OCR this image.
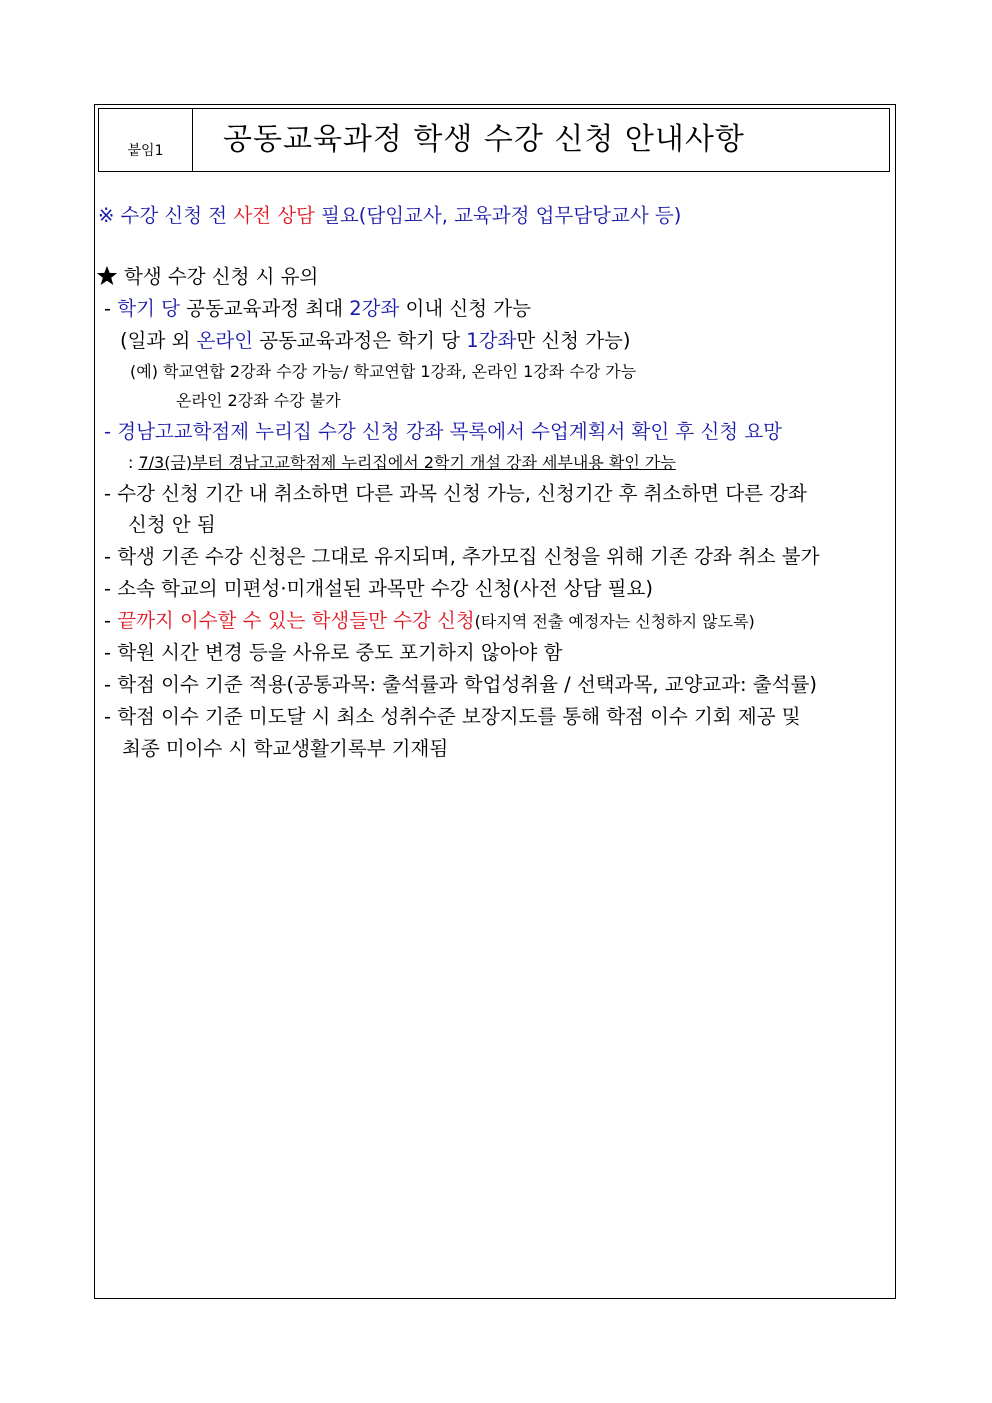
붙임1	공동교육과정 학생 수강 신청 안내사항
※ 수강 신청 전 사전 상담 필요(담임교사, 교육과정 업무담당교사 등)
학생 수강 신청 시 유의
- 학기 당 공동교육과정 최대 2강좌 이내 신청 가능
(일과 외 온라인 공동교육과정은 학기 당 1강좌만 신청 가능)
(예) 학교연합 2강좌 수강 가능/ 학교연합 1강좌, 온라인 1강좌 수강 가능
온라인 2강좌 수강 불가
- 경남고교학점제 누리집 수강 신청 강좌 목록에서 수업계획서 확인 후 신청 요망
: 7/3(금)부터 경남고교학점제 누리집에서 2학기 개설 강좌 세부내용 확인 가능
- 수강 신청 기간 내 취소하면 다른 과목 신청 가능, 신청기간 후 취소하면 다른 강좌
신청 안 됨
- 학생 기존 수강 신청은 그대로 유지되며, 추가모집 신청을 위해 기존 강좌 취소 불가
- 소속 학교의 미편성·미개설된 과목만 수강 신청(사전 상담 필요)
- 끝까지 이수할 수 있는 학생들만 수강 신청(타지역 전출 예정자는 신청하지 않도록)
- 학원 시간 변경 등을 사유로 중도 포기하지 않아야 함
- 학점 이수 기준 적용(공통과목: 출석률과 학업성취율 / 선택과목, 교양교과: 출석률)
- 학점 이수 기준 미도달 시 최소 성취수준 보장지도를 통해 학점 이수 기회 제공 및
최종 미이수 시 학교생활기록부 기재됨
